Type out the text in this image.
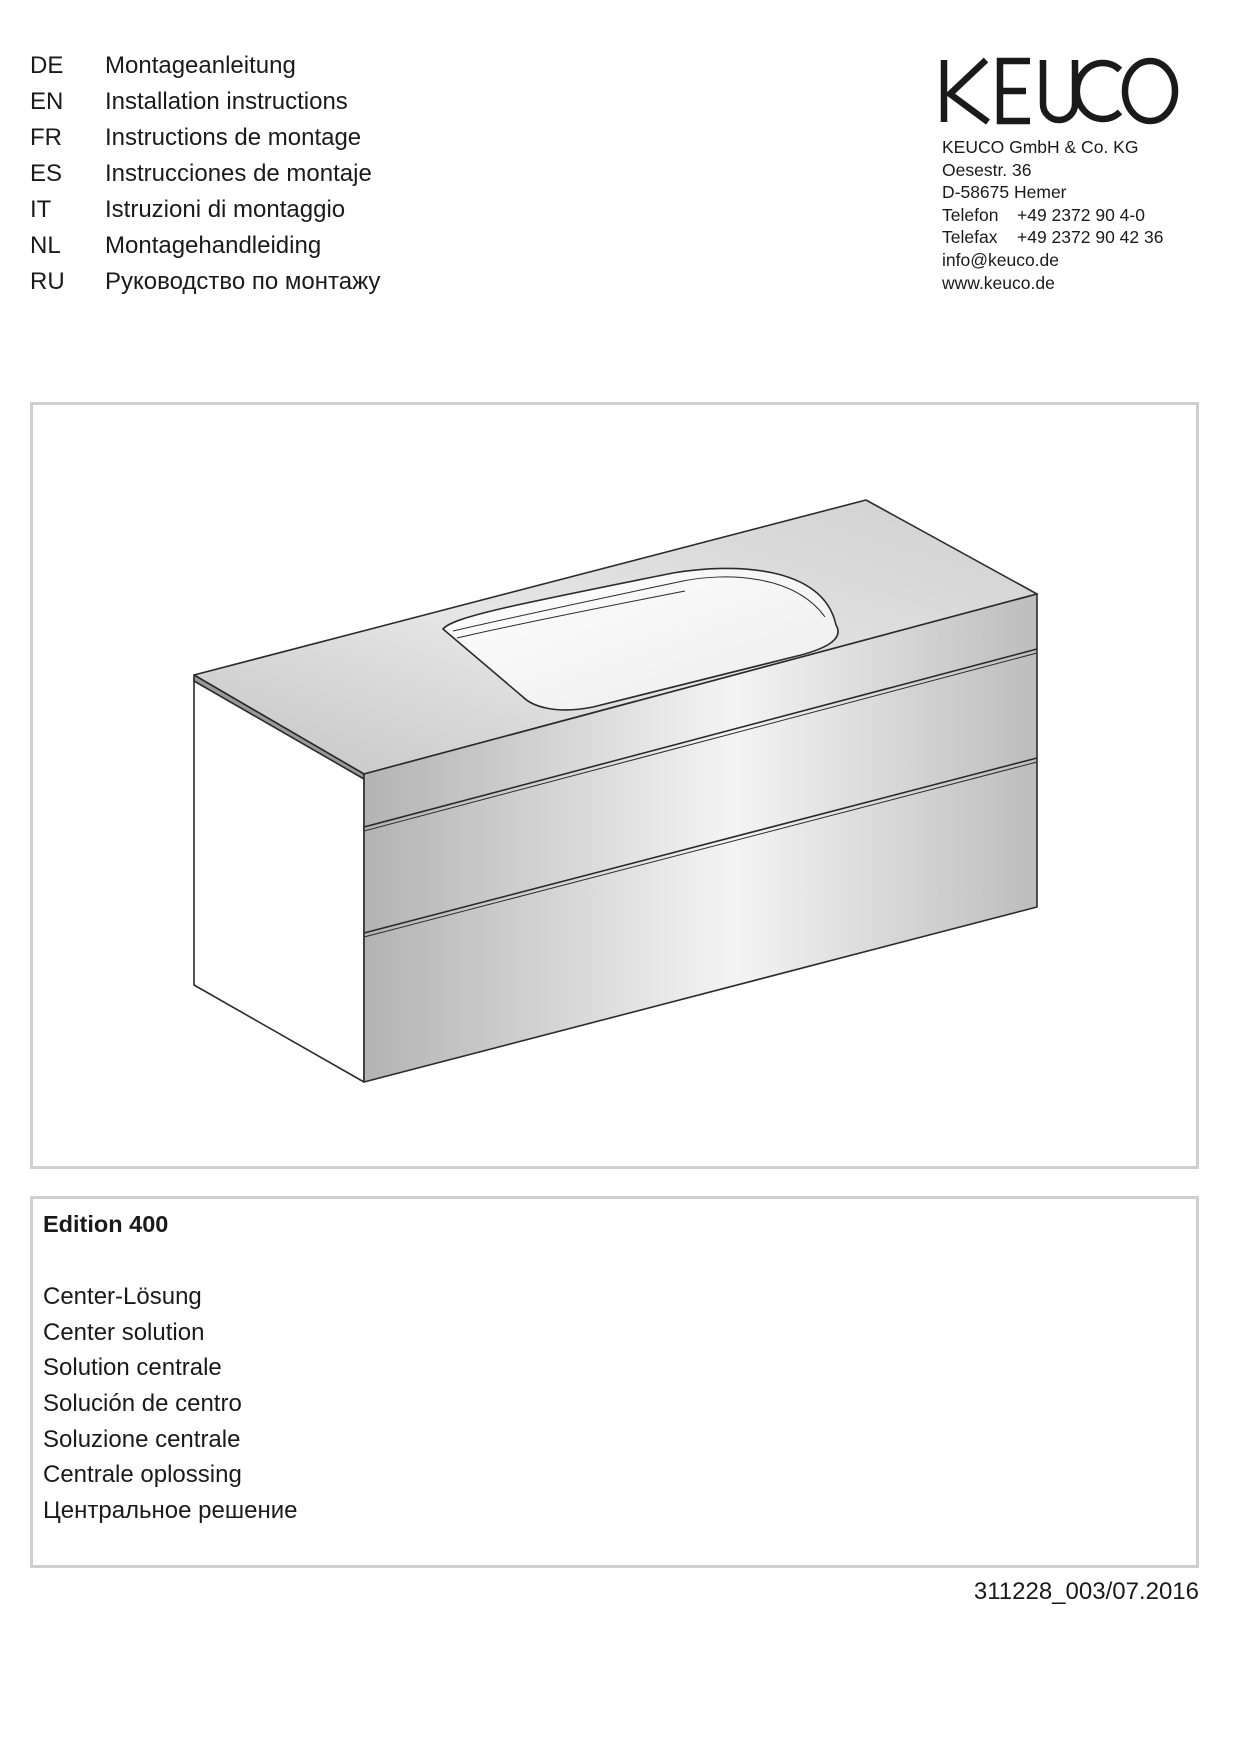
DE	Montageanleitung
EN	Installation instructions
FR	Instructions de montage
ES	Instrucciones de montaje
IT	Istruzioni di montaggio
NL	Montagehandleiding
RU	Руководство по монтажу
KEUCO GmbH & Co. KG
Oesestr. 36
D-58675 Hemer
Telefon +49 2372 90 4-0
Telefax +49 2372 90 42 36
info@keuco.de
www.keuco.de
Edition 400
Center-Lösung
Center solution
Solution centrale
Solución de centro
Soluzione centrale
Centrale oplossing
Центральное решение
311228_003/07.2016
